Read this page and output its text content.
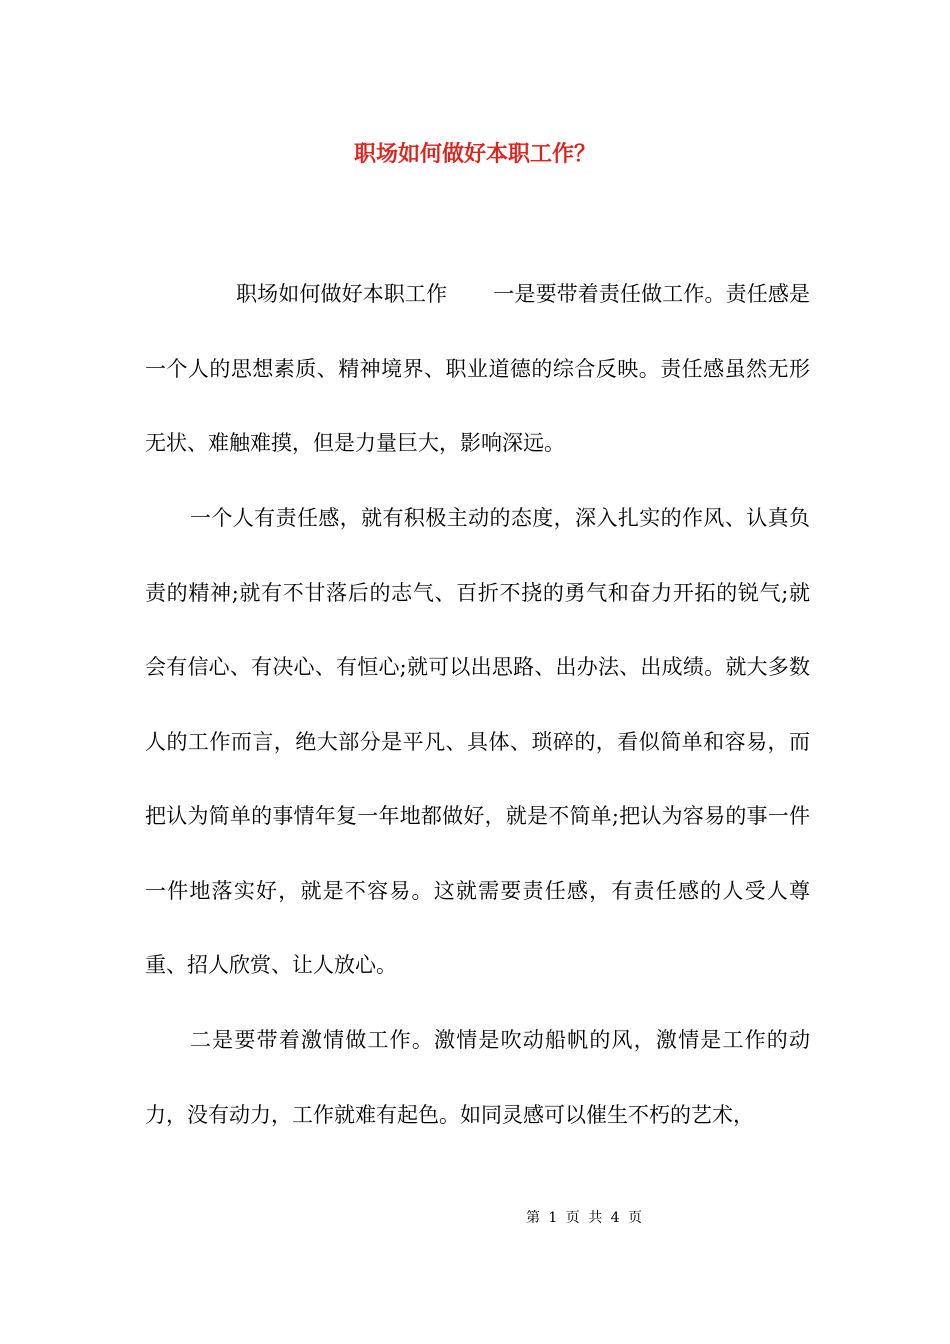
职场如何做好本职工作？

职场如何做好本职工作 一是要带着责任做工作。责任感是一个人的思想素质、精神境界、职业道德的综合反映。责任感虽然无形无状、难触难摸，但是力量巨大，影响深远。

一个人有责任感，就有积极主动的态度，深入扎实的作风、认真负责的精神;就有不甘落后的志气、百折不挠的勇气和奋力开拓的锐气;就会有信心、有决心、有恒心;就可以出思路、出办法、出成绩。就大多数人的工作而言，绝大部分是平凡、具体、琐碎的，看似简单和容易，而把认为简单的事情年复一年地都做好，就是不简单;把认为容易的事一件一件地落实好，就是不容易。这就需要责任感，有责任感的人受人尊重、招人欣赏、让人放心。

二是要带着激情做工作。激情是吹动船帆的风，激情是工作的动力，没有动力，工作就难有起色。如同灵感可以催生不朽的艺术，

第 1 页 共 4 页
